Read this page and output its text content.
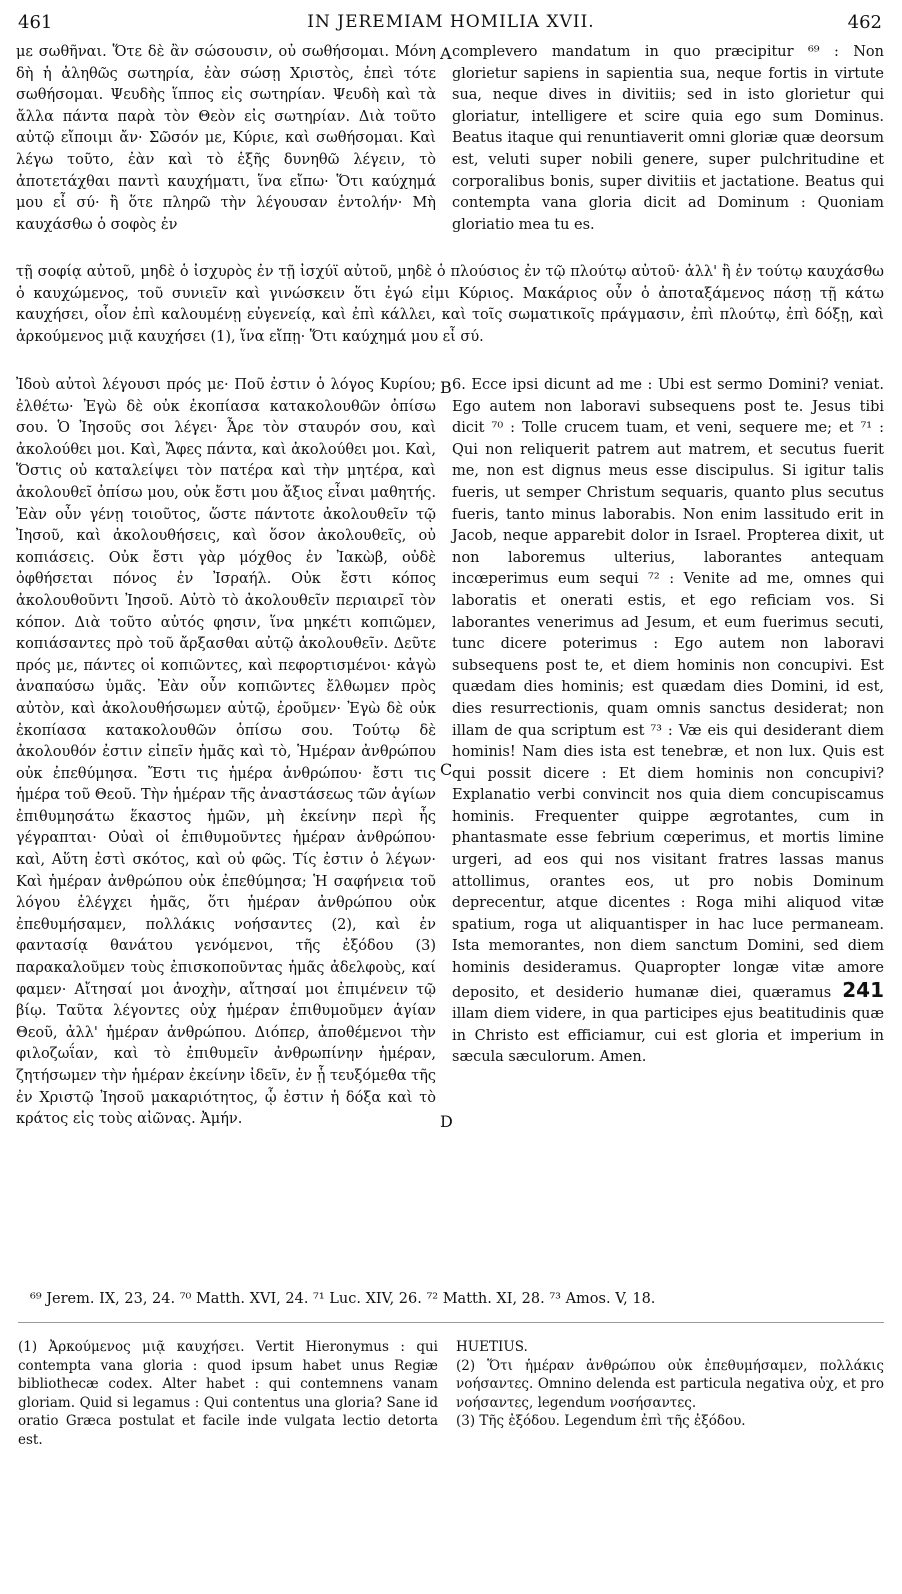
461	IN JEREMIAM HOMILIA XVII.	462

με σωθῆναι. Ὅτε δὲ ἂν σώσουσιν, οὐ σωθήσομαι. Μόνη δὴ ἡ ἀληθῶς σωτηρία, ἐὰν σώσῃ Χριστὸς, ἐπεὶ τότε σωθήσομαι. Ψευδὴς ἵππος εἰς σωτηρίαν. Ψευδὴ καὶ τὰ ἄλλα πάντα παρὰ τὸν Θεὸν εἰς σωτηρίαν. Διὰ τοῦτο αὐτῷ εἴποιμι ἄν· Σῶσόν με, Κύριε, καὶ σωθήσομαι. Καὶ λέγω τοῦτο, ἐὰν καὶ τὸ ἑξῆς δυνηθῶ λέγειν, τὸ ἀποτετάχθαι παντὶ καυχήματι, ἵνα εἴπω· Ὅτι καύχημά μου εἶ σύ· ἢ ὅτε πληρῶ τὴν λέγουσαν ἐντολήν· Μὴ καυχάσθω ὁ σοφὸς ἐν

A complevero mandatum in quo præcipitur ⁶⁹ : Non glorietur sapiens in sapientia sua, neque fortis in virtute sua, neque dives in divitiis; sed in isto glorietur qui gloriatur, intelligere et scire quia ego sum Dominus. Beatus itaque qui renuntiaverit omni gloriæ quæ deorsum est, veluti super nobili genere, super pulchritudine et corporalibus bonis, super divitiis et jactatione. Beatus qui contempta vana gloria dicit ad Dominum : Quoniam gloriatio mea tu es.

τῇ σοφίᾳ αὐτοῦ, μηδὲ ὁ ἰσχυρὸς ἐν τῇ ἰσχύϊ αὐτοῦ, μηδὲ ὁ πλούσιος ἐν τῷ πλούτῳ αὐτοῦ· ἀλλ' ἢ ἐν τούτῳ καυχάσθω ὁ καυχώμενος, τοῦ συνιεῖν καὶ γινώσκειν ὅτι ἐγώ εἰμι Κύριος. Μακάριος οὖν ὁ ἀποταξάμενος πάσῃ τῇ κάτω καυχήσει, οἷον ἐπὶ καλουμένῃ εὐγενείᾳ, καὶ ἐπὶ κάλλει, καὶ τοῖς σωματικοῖς πράγμασιν, ἐπὶ πλούτῳ, ἐπὶ δόξῃ, καὶ ἀρκούμενος μιᾷ καυχήσει (1), ἵνα εἴπῃ· Ὅτι καύχημά μου εἶ σύ.

Ἰδοὺ αὐτοὶ λέγουσι πρός με· Ποῦ ἐστιν ὁ λόγος Κυρίου; ἐλθέτω· Ἐγὼ δὲ οὐκ ἐκοπίασα κατακολουθῶν ὀπίσω σου. Ὁ Ἰησοῦς σοι λέγει· Ἆρε τὸν σταυρόν σου, καὶ ἀκολούθει μοι. Καὶ, Ἄφες πάντα, καὶ ἀκολούθει μοι. Καὶ, Ὅστις οὐ καταλείψει τὸν πατέρα καὶ τὴν μητέρα, καὶ ἀκολουθεῖ ὀπίσω μου, οὐκ ἔστι μου ἄξιος εἶναι μαθητής. Ἐὰν οὖν γένῃ τοιοῦτος, ὥστε πάντοτε ἀκολουθεῖν τῷ Ἰησοῦ, καὶ ἀκολουθήσεις, καὶ ὅσον ἀκολουθεῖς, οὐ κοπιάσεις. Οὐκ ἔστι γὰρ μόχθος ἐν Ἰακὼβ, οὐδὲ ὀφθήσεται πόνος ἐν Ἰσραήλ. Οὐκ ἔστι κόπος ἀκολουθοῦντι Ἰησοῦ. Αὐτὸ τὸ ἀκολουθεῖν περιαιρεῖ τὸν κόπον. Διὰ τοῦτο αὐτός φησιν, ἵνα μηκέτι κοπιῶμεν, κοπιάσαντες πρὸ τοῦ ἄρξασθαι αὐτῷ ἀκολουθεῖν. Δεῦτε πρός με, πάντες οἱ κοπιῶντες, καὶ πεφορτισμένοι· κἀγὼ ἀναπαύσω ὑμᾶς. Ἐὰν οὖν κοπιῶντες ἔλθωμεν πρὸς αὐτὸν, καὶ ἀκολουθήσωμεν αὐτῷ, ἐροῦμεν· Ἐγὼ δὲ οὐκ ἐκοπίασα κατακολουθῶν ὀπίσω σου. Τούτῳ δὲ ἀκολουθόν ἐστιν εἰπεῖν ἡμᾶς καὶ τὸ, Ἡμέραν ἀνθρώπου οὐκ ἐπεθύμησα. Ἔστι τις ἡμέρα ἀνθρώπου· ἔστι τις ἡμέρα τοῦ Θεοῦ. Τὴν ἡμέραν τῆς ἀναστάσεως τῶν ἁγίων ἐπιθυμησάτω ἕκαστος ἡμῶν, μὴ ἐκείνην περὶ ἧς γέγραπται· Οὐαὶ οἱ ἐπιθυμοῦντες ἡμέραν ἀνθρώπου· καὶ, Αὕτη ἐστὶ σκότος, καὶ οὐ φῶς. Τίς ἐστιν ὁ λέγων· Καὶ ἡμέραν ἀνθρώπου οὐκ ἐπεθύμησα; Ἡ σαφήνεια τοῦ λόγου ἐλέγχει ἡμᾶς, ὅτι ἡμέραν ἀνθρώπου οὐκ ἐπεθυμήσαμεν, πολλάκις νοήσαντες (2), καὶ ἐν φαντασίᾳ θανάτου γενόμενοι, τῆς ἐξόδου (3) παρακαλοῦμεν τοὺς ἐπισκοποῦντας ἡμᾶς ἀδελφοὺς, καί φαμεν· Αἴτησαί μοι ἀνοχὴν, αἴτησαί μοι ἐπιμένειν τῷ βίῳ. Ταῦτα λέγοντες οὐχ ἡμέραν ἐπιθυμοῦμεν ἁγίαν Θεοῦ, ἀλλ' ἡμέραν ἀνθρώπου. Διόπερ, ἀποθέμενοι τὴν φιλοζωΐαν, καὶ τὸ ἐπιθυμεῖν ἀνθρωπίνην ἡμέραν, ζητήσωμεν τὴν ἡμέραν ἐκείνην ἰδεῖν, ἐν ᾗ τευξόμεθα τῆς ἐν Χριστῷ Ἰησοῦ μακαριότητος, ᾧ ἐστιν ἡ δόξα καὶ τὸ κράτος εἰς τοὺς αἰῶνας. Ἀμήν.

B
C
D

6. Ecce ipsi dicunt ad me : Ubi est sermo Domini? veniat. Ego autem non laboravi subsequens post te. Jesus tibi dicit ⁷⁰ : Tolle crucem tuam, et veni, sequere me; et ⁷¹ : Qui non reliquerit patrem aut matrem, et secutus fuerit me, non est dignus meus esse discipulus. Si igitur talis fueris, ut semper Christum sequaris, quanto plus secutus fueris, tanto minus laborabis. Non enim lassitudo erit in Jacob, neque apparebit dolor in Israel. Propterea dixit, ut non laboremus ulterius, laborantes antequam incœperimus eum sequi ⁷² : Venite ad me, omnes qui laboratis et onerati estis, et ego reficiam vos. Si laborantes venerimus ad Jesum, et eum fuerimus secuti, tunc dicere poterimus : Ego autem non laboravi subsequens post te, et diem hominis non concupivi. Est quædam dies hominis; est quædam dies Domini, id est, dies resurrectionis, quam omnis sanctus desiderat; non illam de qua scriptum est ⁷³ : Væ eis qui desiderant diem hominis! Nam dies ista est tenebræ, et non lux. Quis est qui possit dicere : Et diem hominis non concupivi? Explanatio verbi convincit nos quia diem concupiscamus hominis. Frequenter quippe ægrotantes, cum in phantasmate esse febrium cœperimus, et mortis limine urgeri, ad eos qui nos visitant fratres lassas manus attollimus, orantes eos, ut pro nobis Dominum deprecentur, atque dicentes : Roga mihi aliquod vitæ spatium, roga ut aliquantisper in hac luce permaneam. Ista memorantes, non diem sanctum Domini, sed diem hominis desideramus. Quapropter longæ vitæ amore deposito, et desiderio humanæ diei, quæramus 241 illam diem videre, in qua participes ejus beatitudinis quæ in Christo est efficiamur, cui est gloria et imperium in sæcula sæculorum. Amen.

⁶⁹ Jerem. IX, 23, 24. ⁷⁰ Matth. XVI, 24. ⁷¹ Luc. XIV, 26. ⁷² Matth. XI, 28. ⁷³ Amos. V, 18.

(1) Ἀρκούμενος μιᾷ καυχήσει. Vertit Hieronymus : qui contempta vana gloria : quod ipsum habet unus Regiæ bibliothecæ codex. Alter habet : qui contemnens vanam gloriam. Quid si legamus : Qui contentus una gloria? Sane id oratio Græca postulat et facile inde vulgata lectio detorta est.

HUETIUS.

(2) Ὅτι ἡμέραν ἀνθρώπου οὐκ ἐπεθυμήσαμεν, πολλάκις νοήσαντες. Omnino delenda est particula negativa οὐχ, et pro νοήσαντες, legendum νοσήσαντες.

(3) Τῆς ἐξόδου. Legendum ἐπὶ τῆς ἐξόδου.
